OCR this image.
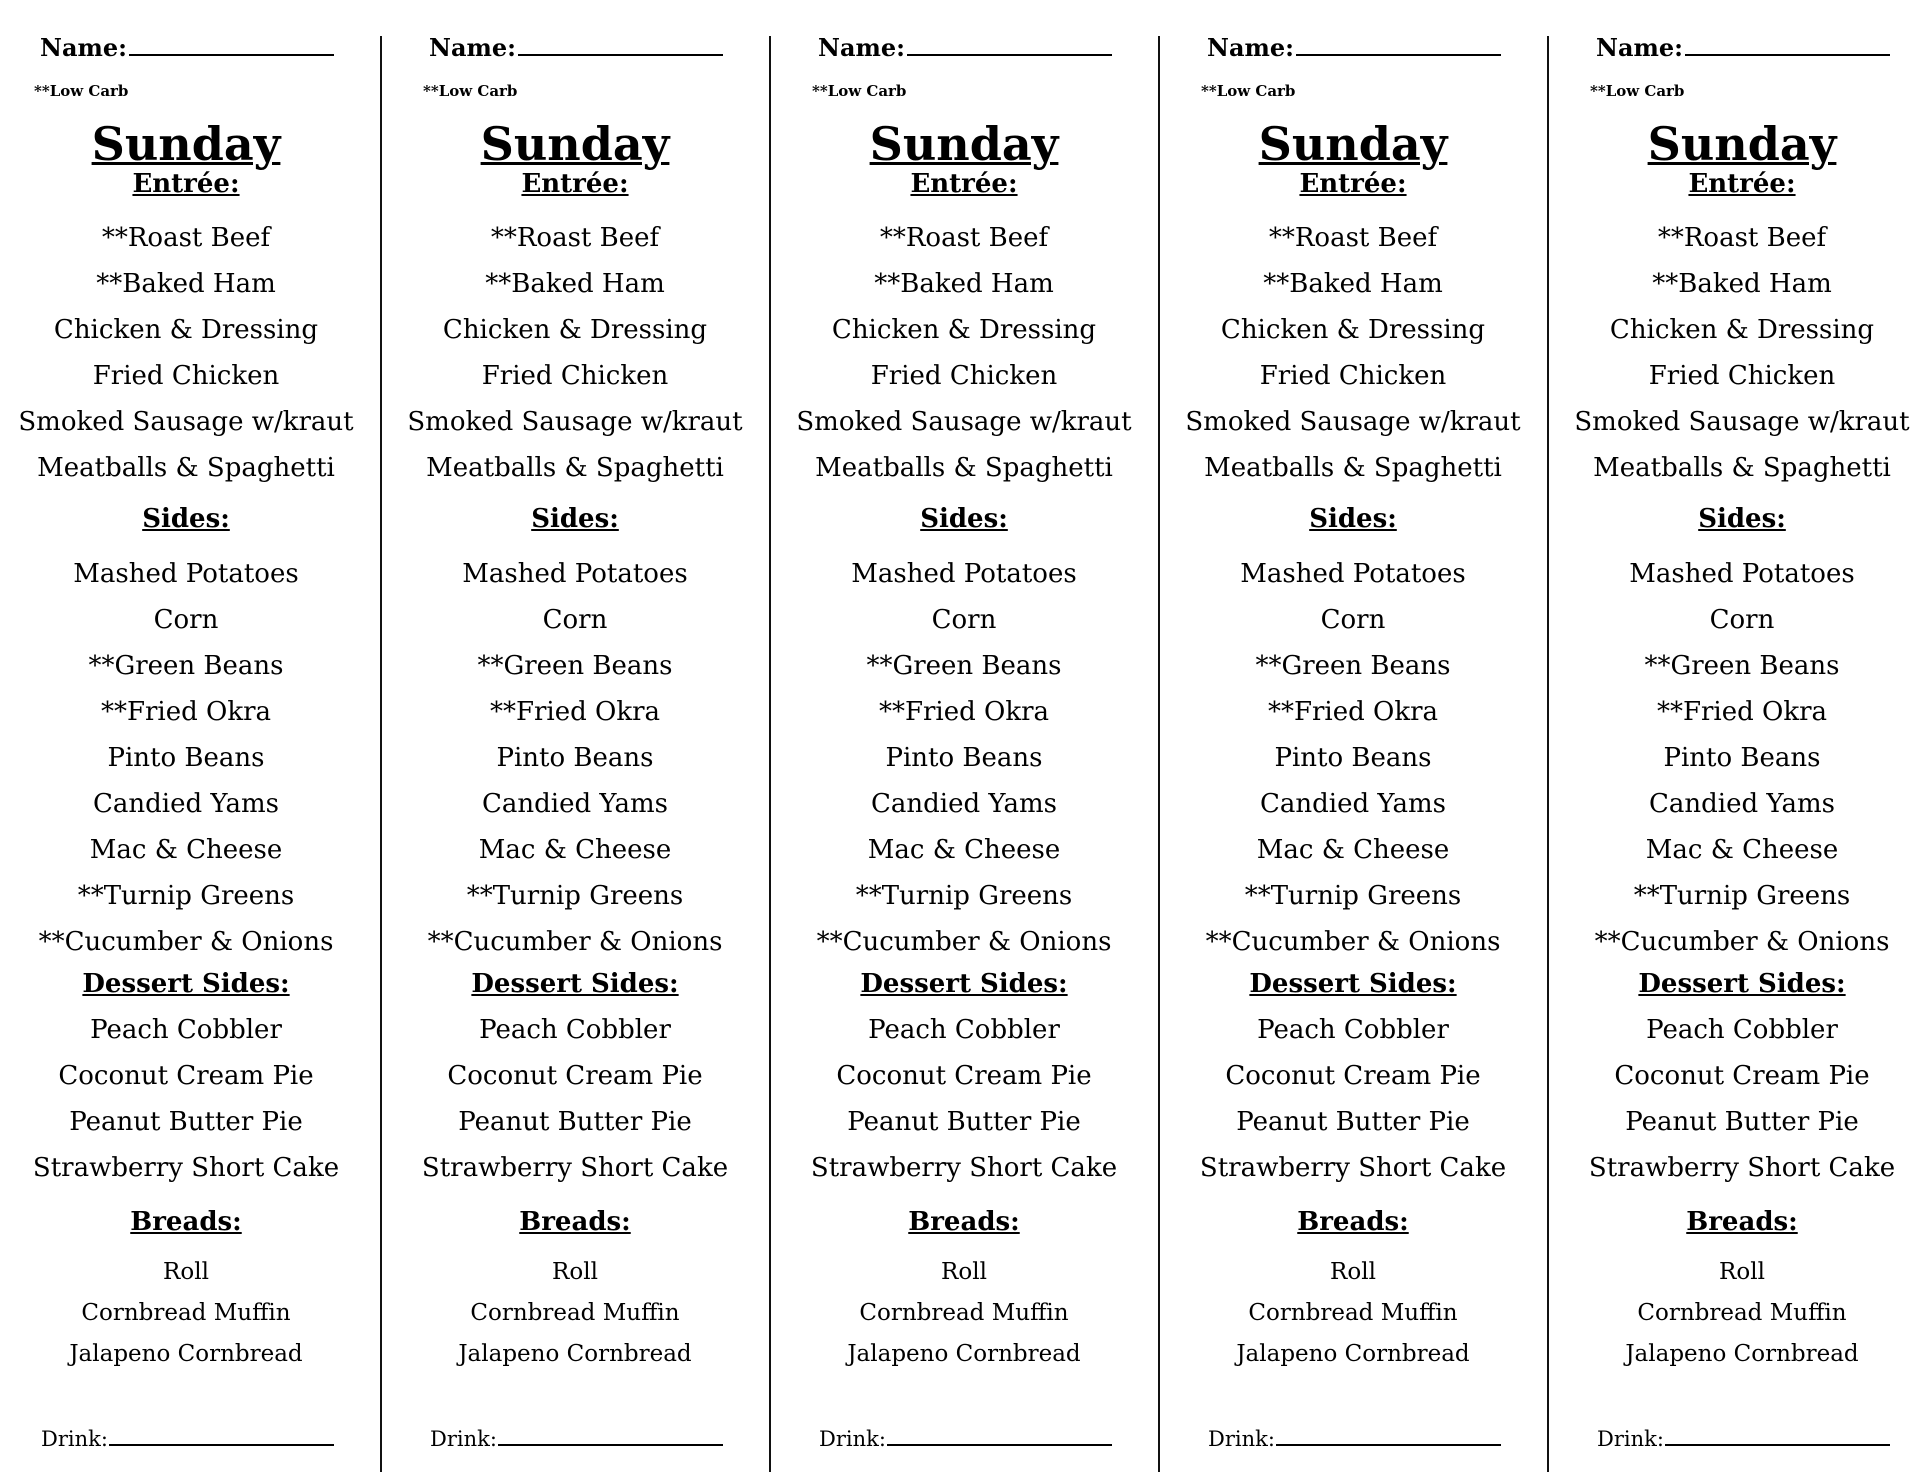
Name:
**Low Carb
Sunday
Entrée:
**Roast Beef
**Baked Ham
Chicken & Dressing
Fried Chicken
Smoked Sausage w/kraut
Meatballs & Spaghetti
Sides:
Mashed Potatoes
Corn
**Green Beans
**Fried Okra
Pinto Beans
Candied Yams
Mac & Cheese
**Turnip Greens
**Cucumber & Onions
Dessert Sides:
Peach Cobbler
Coconut Cream Pie
Peanut Butter Pie
Strawberry Short Cake
Breads:
Roll
Cornbread Muffin
Jalapeno Cornbread
Drink:
Name:
**Low Carb
Sunday
Entrée:
**Roast Beef
**Baked Ham
Chicken & Dressing
Fried Chicken
Smoked Sausage w/kraut
Meatballs & Spaghetti
Sides:
Mashed Potatoes
Corn
**Green Beans
**Fried Okra
Pinto Beans
Candied Yams
Mac & Cheese
**Turnip Greens
**Cucumber & Onions
Dessert Sides:
Peach Cobbler
Coconut Cream Pie
Peanut Butter Pie
Strawberry Short Cake
Breads:
Roll
Cornbread Muffin
Jalapeno Cornbread
Drink:
Name:
**Low Carb
Sunday
Entrée:
**Roast Beef
**Baked Ham
Chicken & Dressing
Fried Chicken
Smoked Sausage w/kraut
Meatballs & Spaghetti
Sides:
Mashed Potatoes
Corn
**Green Beans
**Fried Okra
Pinto Beans
Candied Yams
Mac & Cheese
**Turnip Greens
**Cucumber & Onions
Dessert Sides:
Peach Cobbler
Coconut Cream Pie
Peanut Butter Pie
Strawberry Short Cake
Breads:
Roll
Cornbread Muffin
Jalapeno Cornbread
Drink:
Name:
**Low Carb
Sunday
Entrée:
**Roast Beef
**Baked Ham
Chicken & Dressing
Fried Chicken
Smoked Sausage w/kraut
Meatballs & Spaghetti
Sides:
Mashed Potatoes
Corn
**Green Beans
**Fried Okra
Pinto Beans
Candied Yams
Mac & Cheese
**Turnip Greens
**Cucumber & Onions
Dessert Sides:
Peach Cobbler
Coconut Cream Pie
Peanut Butter Pie
Strawberry Short Cake
Breads:
Roll
Cornbread Muffin
Jalapeno Cornbread
Drink:
Name:
**Low Carb
Sunday
Entrée:
**Roast Beef
**Baked Ham
Chicken & Dressing
Fried Chicken
Smoked Sausage w/kraut
Meatballs & Spaghetti
Sides:
Mashed Potatoes
Corn
**Green Beans
**Fried Okra
Pinto Beans
Candied Yams
Mac & Cheese
**Turnip Greens
**Cucumber & Onions
Dessert Sides:
Peach Cobbler
Coconut Cream Pie
Peanut Butter Pie
Strawberry Short Cake
Breads:
Roll
Cornbread Muffin
Jalapeno Cornbread
Drink:
